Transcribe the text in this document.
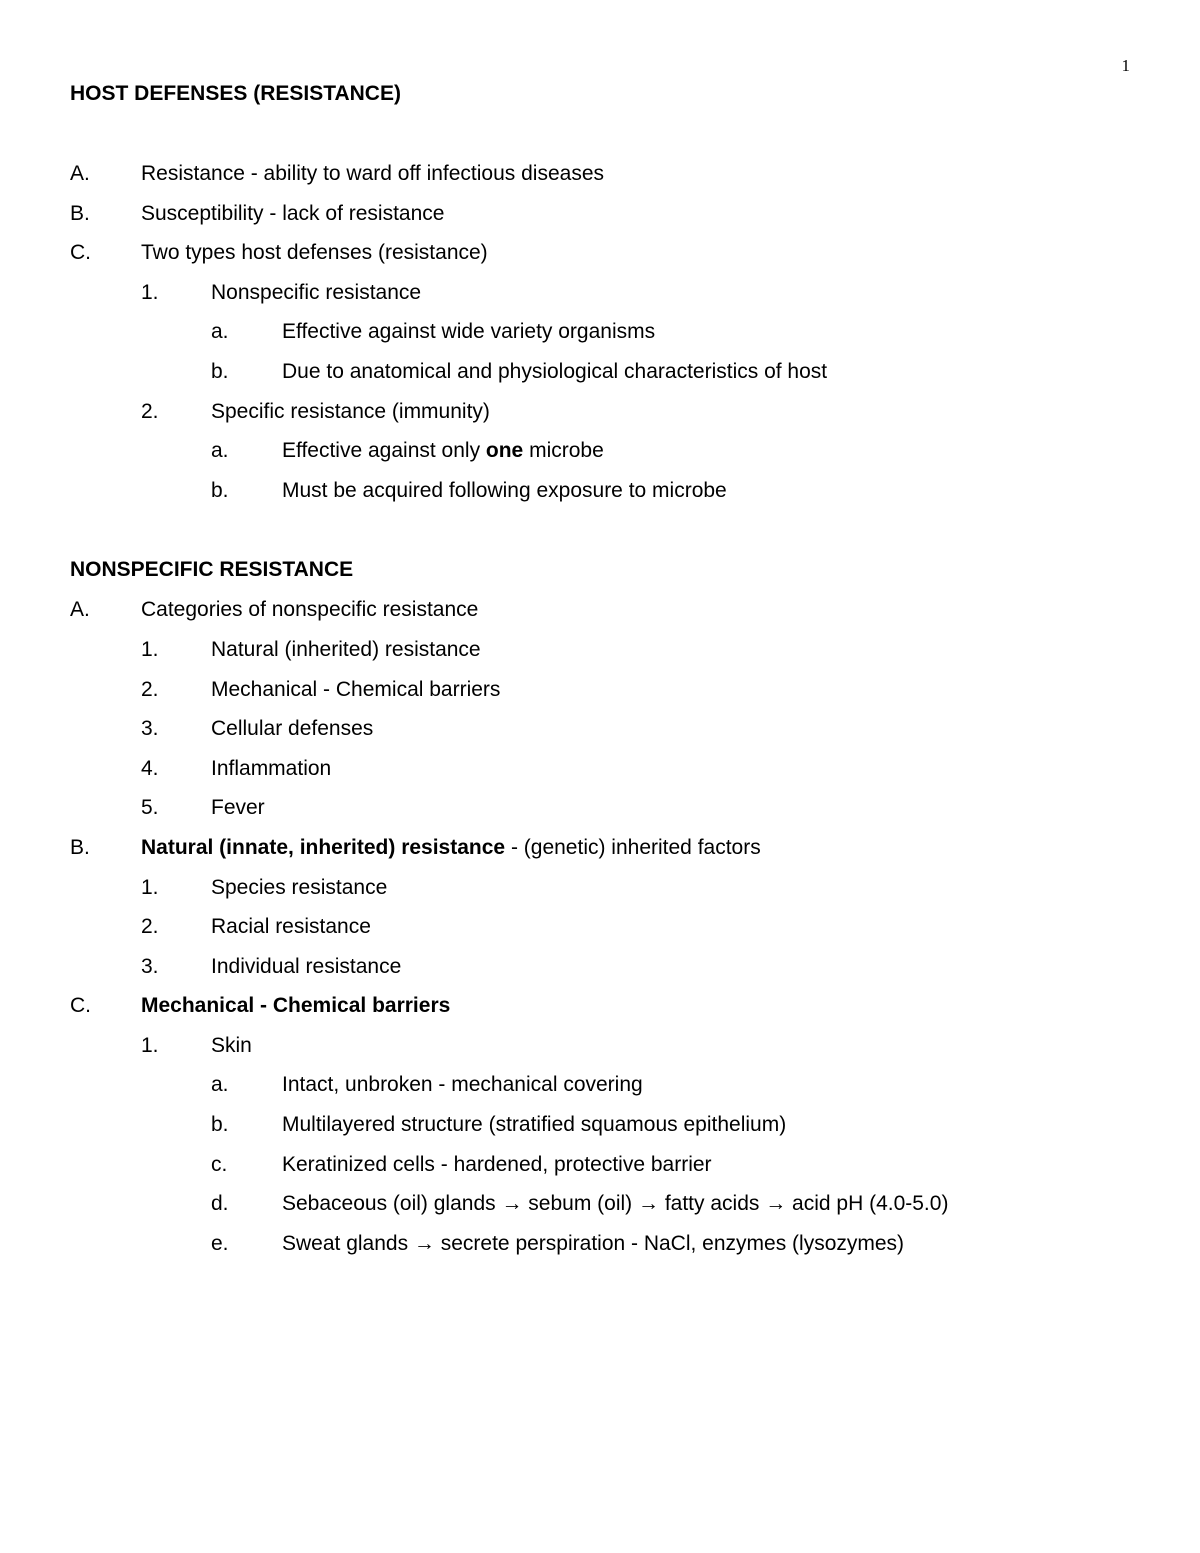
1
HOST DEFENSES (RESISTANCE)
A. Resistance - ability to ward off infectious diseases
B. Susceptibility - lack of resistance
C. Two types host defenses (resistance)
1. Nonspecific resistance
a.	Effective against wide variety organisms
b.	Due to anatomical and physiological characteristics of host
2. Specific resistance (immunity)
a.	Effective against only one microbe
b.	Must be acquired following exposure to microbe
NONSPECIFIC RESISTANCE
A. Categories of nonspecific resistance
1. Natural (inherited) resistance
2. Mechanical - Chemical barriers
3. Cellular defenses
4. Inflammation
5. Fever
B. Natural (innate, inherited) resistance - (genetic) inherited factors
1. Species resistance
2. Racial resistance
3. Individual resistance
C. Mechanical - Chemical barriers
1. Skin
a.	Intact, unbroken - mechanical covering
b.	Multilayered structure (stratified squamous epithelium)
c.	Keratinized cells - hardened, protective barrier
d.	Sebaceous (oil) glands → sebum (oil) → fatty acids → acid pH (4.0-5.0)
e.	Sweat glands → secrete perspiration - NaCl, enzymes (lysozymes)
